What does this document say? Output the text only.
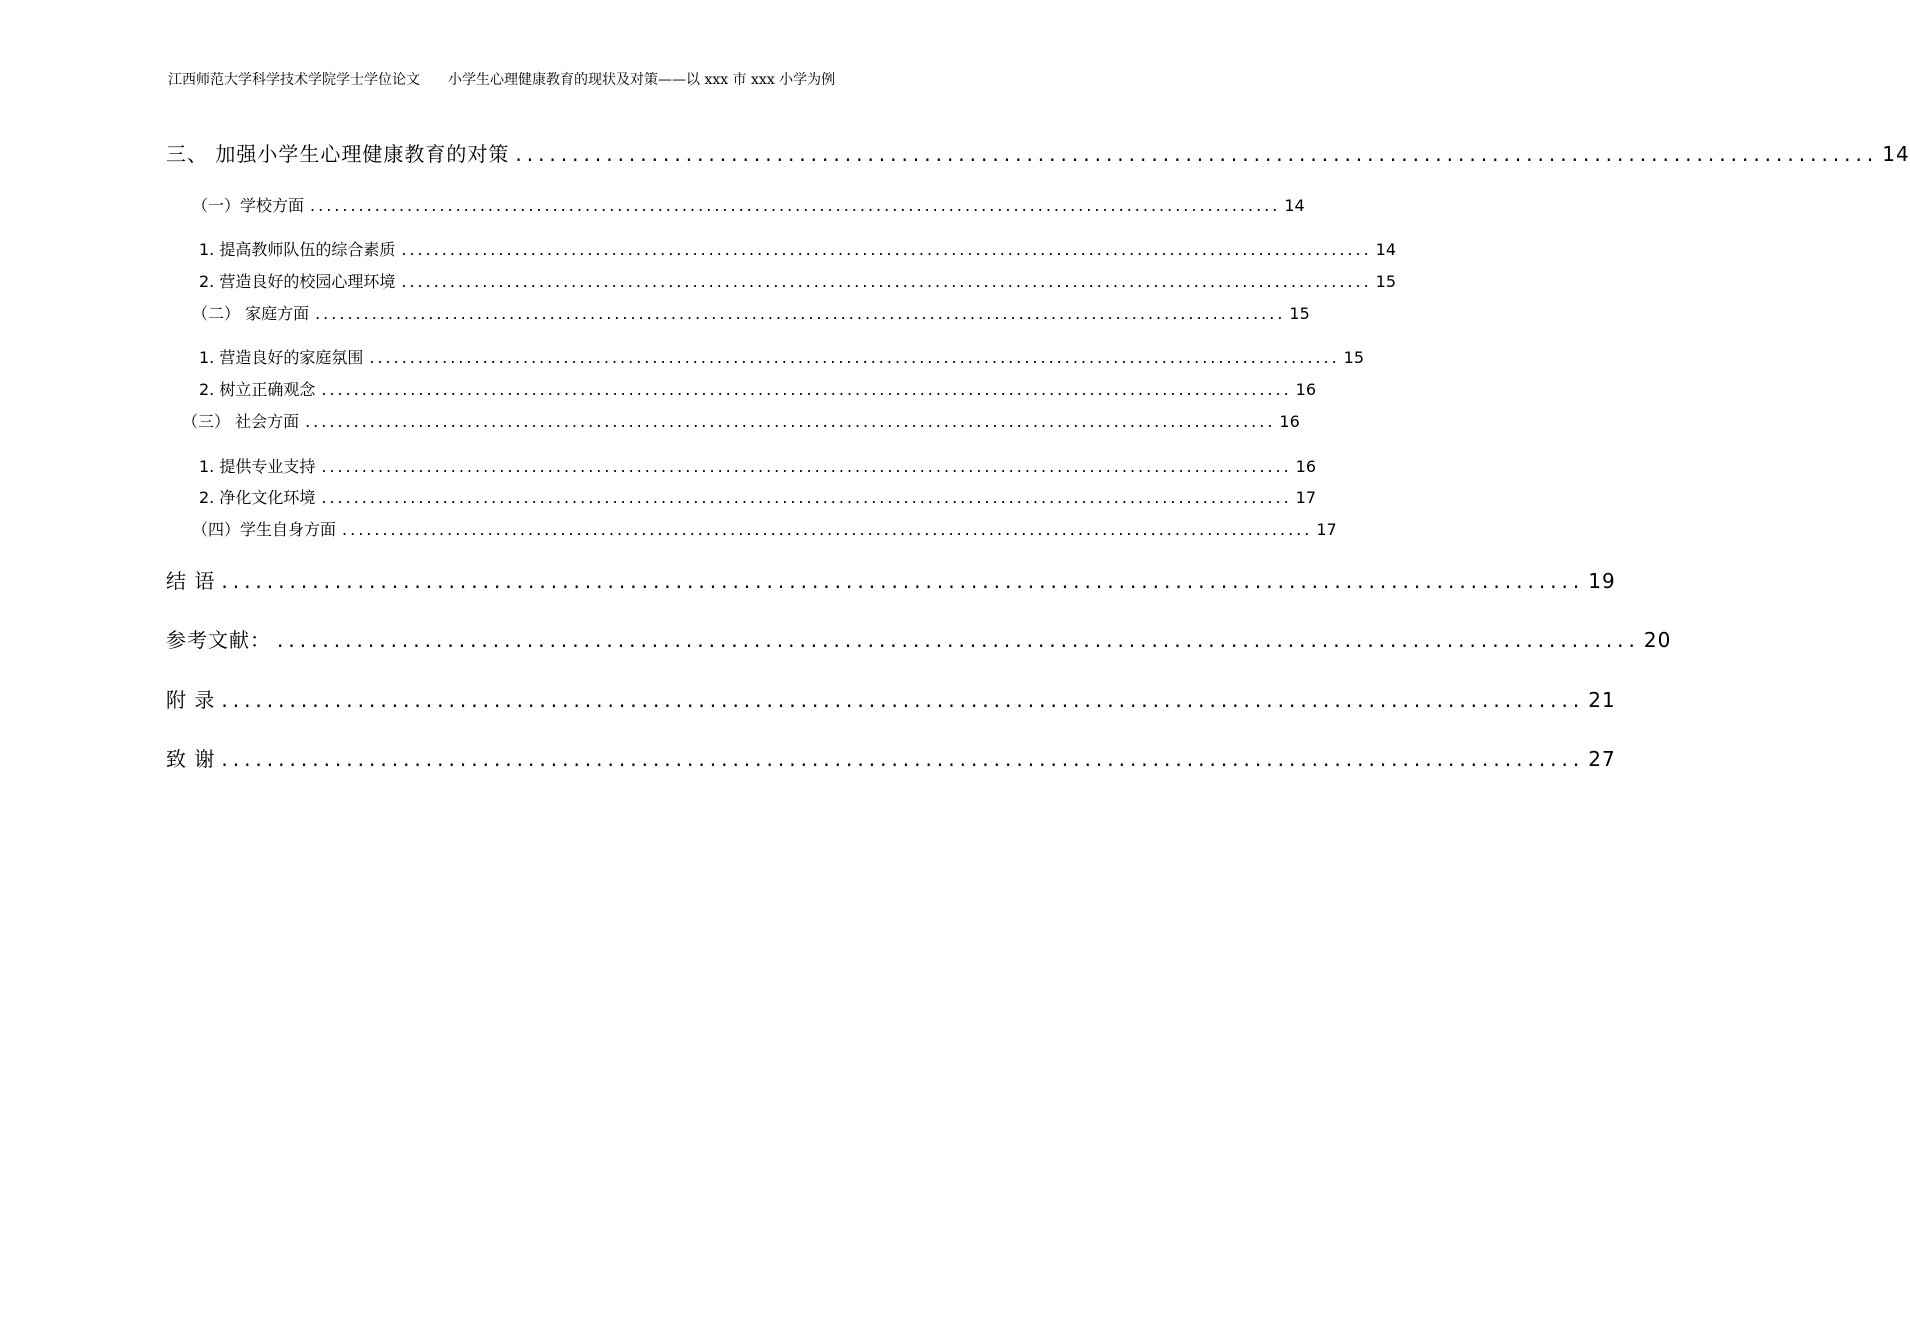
江西师范大学科学技术学院学士学位论文　　小学生心理健康教育的现状及对策——以 xxx 市 xxx 小学为例
三、 加强小学生心理健康教育的对策 ........................................................................................................................ 14
（一）学校方面 ........................................................................................................................ 14
1. 提高教师队伍的综合素质 ........................................................................................................................ 14
2. 营造良好的校园心理环境 ........................................................................................................................ 15
（二） 家庭方面 ........................................................................................................................ 15
1. 营造良好的家庭氛围 ........................................................................................................................ 15
2. 树立正确观念 ........................................................................................................................ 16
（三） 社会方面 ........................................................................................................................ 16
1. 提供专业支持 ........................................................................................................................ 16
2. 净化文化环境 ........................................................................................................................ 17
（四）学生自身方面 ........................................................................................................................ 17
结 语 ........................................................................................................................ 19
参考文献： ........................................................................................................................ 20
附 录 ........................................................................................................................ 21
致 谢 ........................................................................................................................ 27
